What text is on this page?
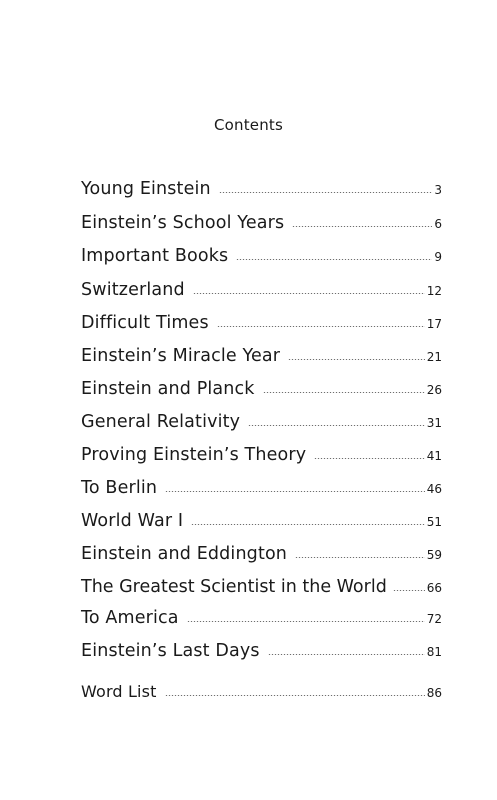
Contents
Young Einstein	3
Einstein’s School Years	6
Important Books	9
Switzerland	12
Difficult Times	17
Einstein’s Miracle Year	21
Einstein and Planck	26
General Relativity	31
Proving Einstein’s Theory	41
To Berlin	46
World War I	51
Einstein and Eddington	59
The Greatest Scientist in the World	66
To America	72
Einstein’s Last Days	81
Word List	86
